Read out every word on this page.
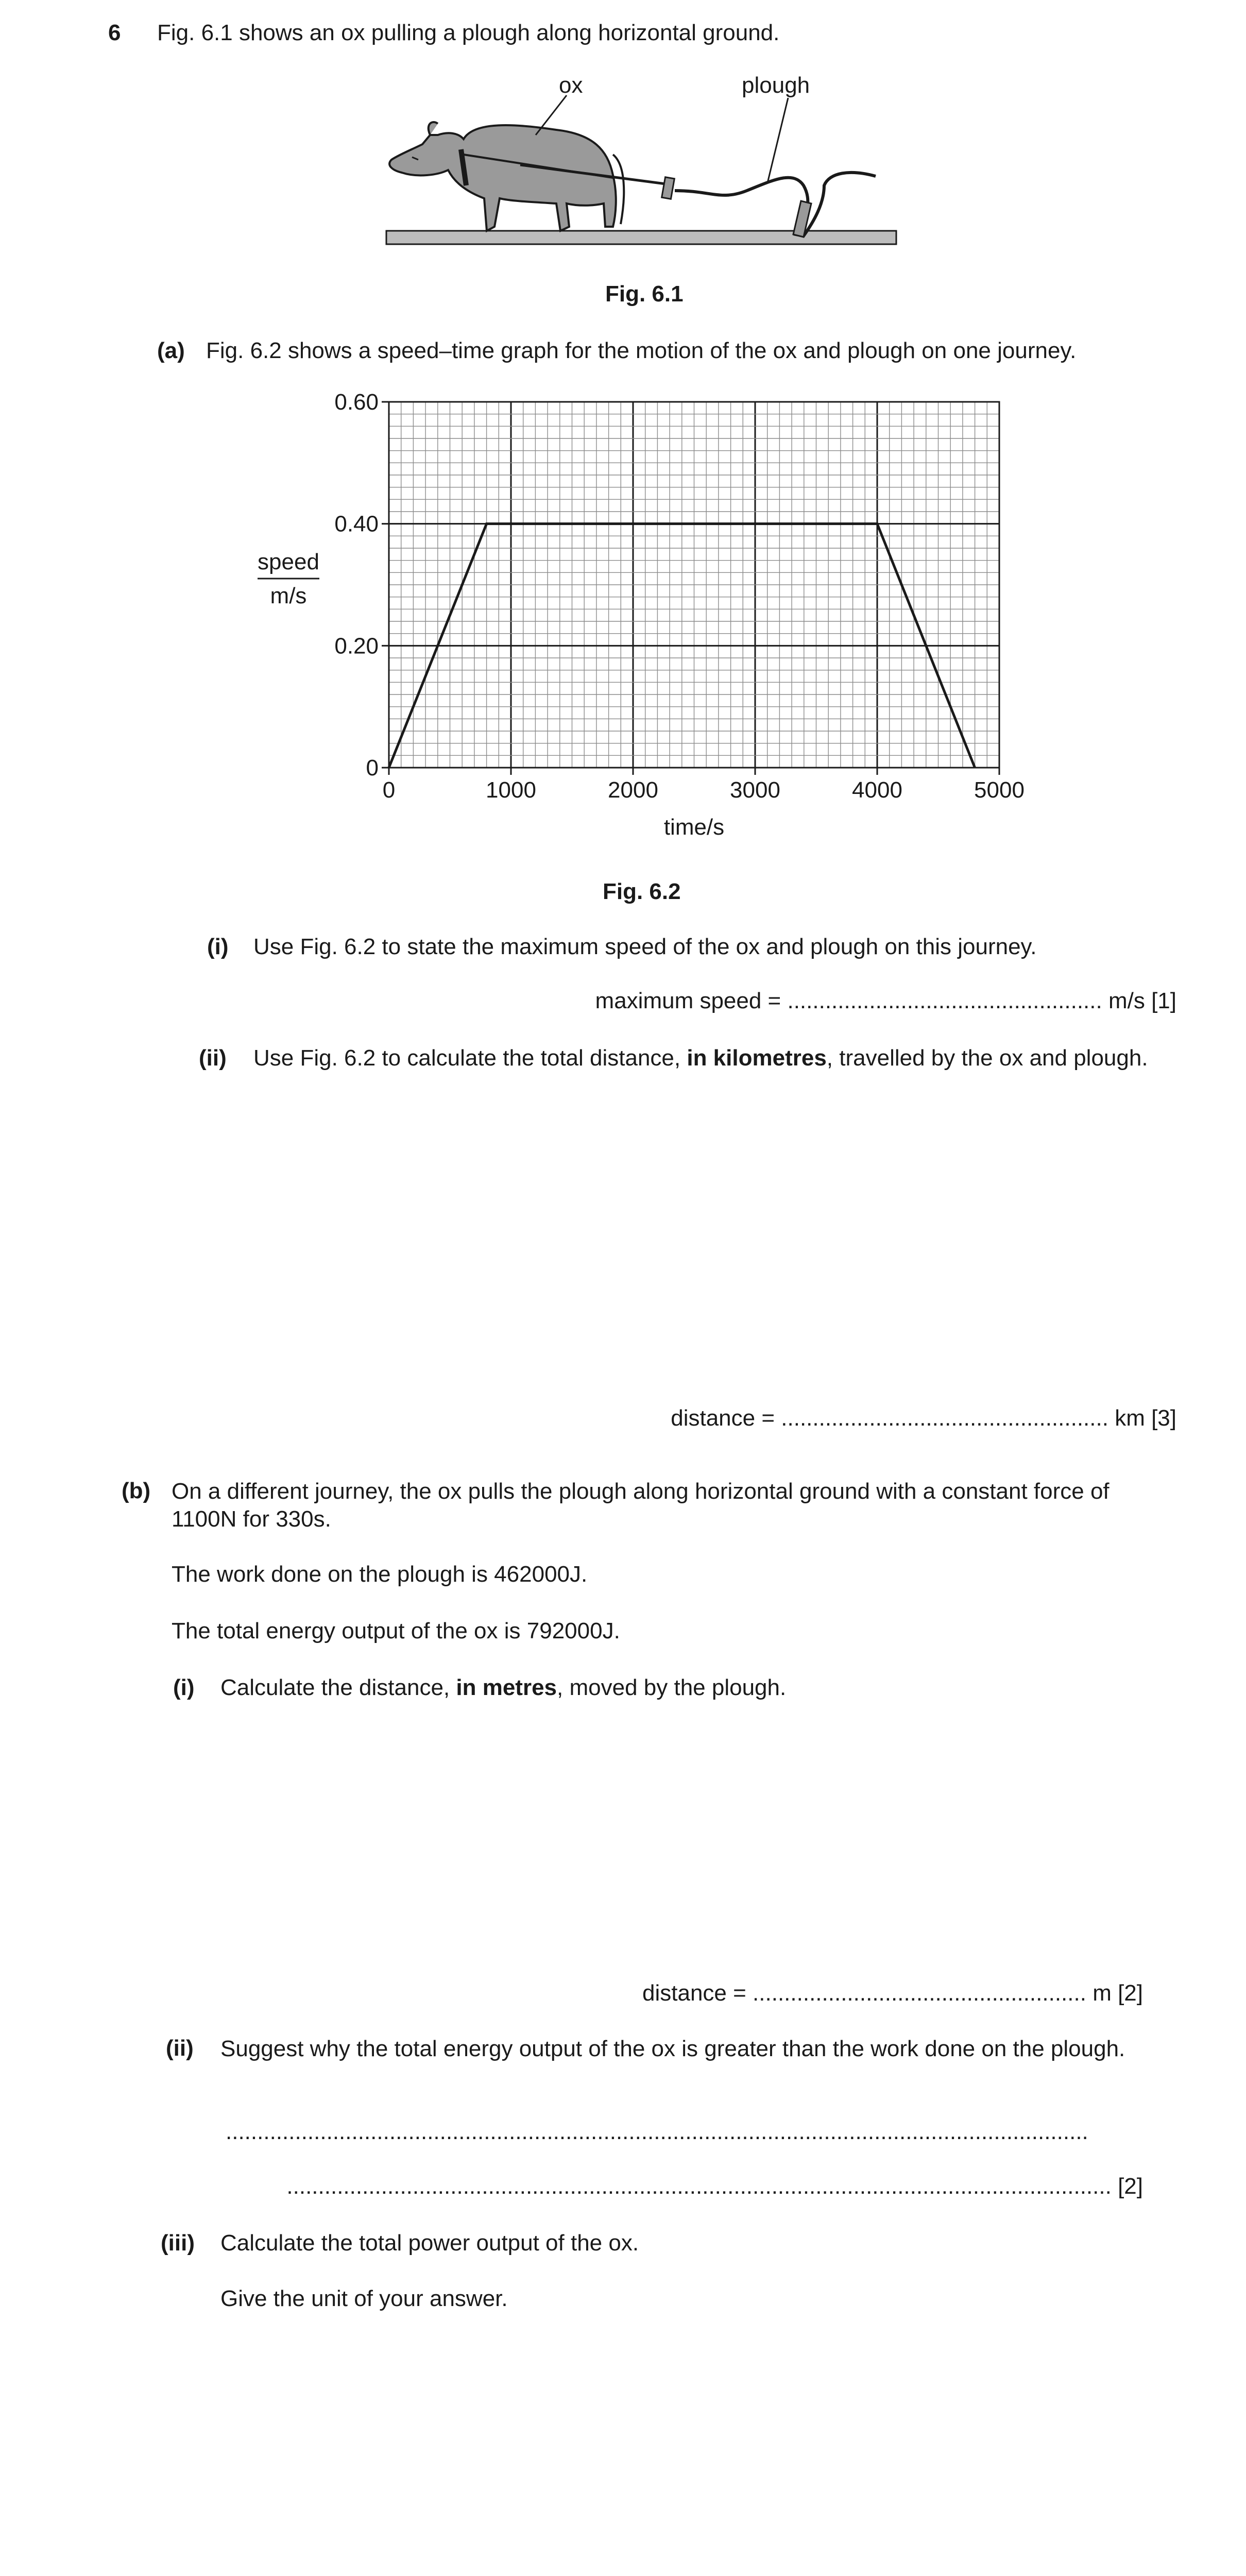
6 Fig. 6.1 shows an ox pulling a plough along horizontal ground.
ox	plough
Fig. 6.1
(a) Fig. 6.2 shows a speed–time graph for the motion of the ox and plough on one journey.
0	1000	2000	3000	4000	5000
0
0.20
0.40
0.60
time/s
speed
m/s
Fig. 6.2
(i) Use Fig. 6.2 to state the maximum speed of the ox and plough on this journey.
maximum speed = .................................................. m/s [1]
(ii) Use Fig. 6.2 to calculate the total distance, in kilometres, travelled by the ox and plough.
distance = .................................................... km [3]
(b) On a different journey, the ox pulls the plough along horizontal ground with a constant force of 1100N for 330s.
The work done on the plough is 462000J.
The total energy output of the ox is 792000J.
(i) Calculate the distance, in metres, moved by the plough.
distance = ..................................................... m [2]
(ii) Suggest why the total energy output of the ox is greater than the work done on the plough.
.........................................................................................................................................
................................................................................................................................... [2]
(iii) Calculate the total power output of the ox.
Give the unit of your answer.
